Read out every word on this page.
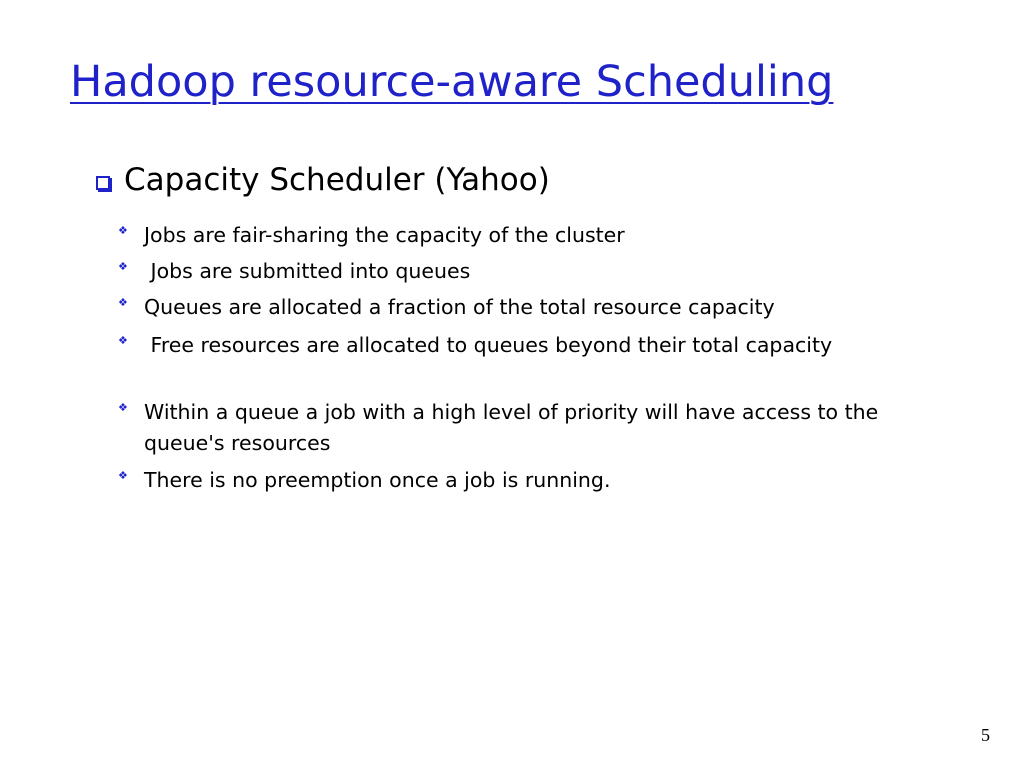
Hadoop resource-aware Scheduling
Capacity Scheduler (Yahoo)
❖ Jobs are fair-sharing the capacity of the cluster
❖ Jobs are submitted into queues
❖ Queues are allocated a fraction of the total resource capacity
❖ Free resources are allocated to queues beyond their total capacity
❖ Within a queue a job with a high level of priority will have access to the queue's resources
❖ There is no preemption once a job is running.
5
